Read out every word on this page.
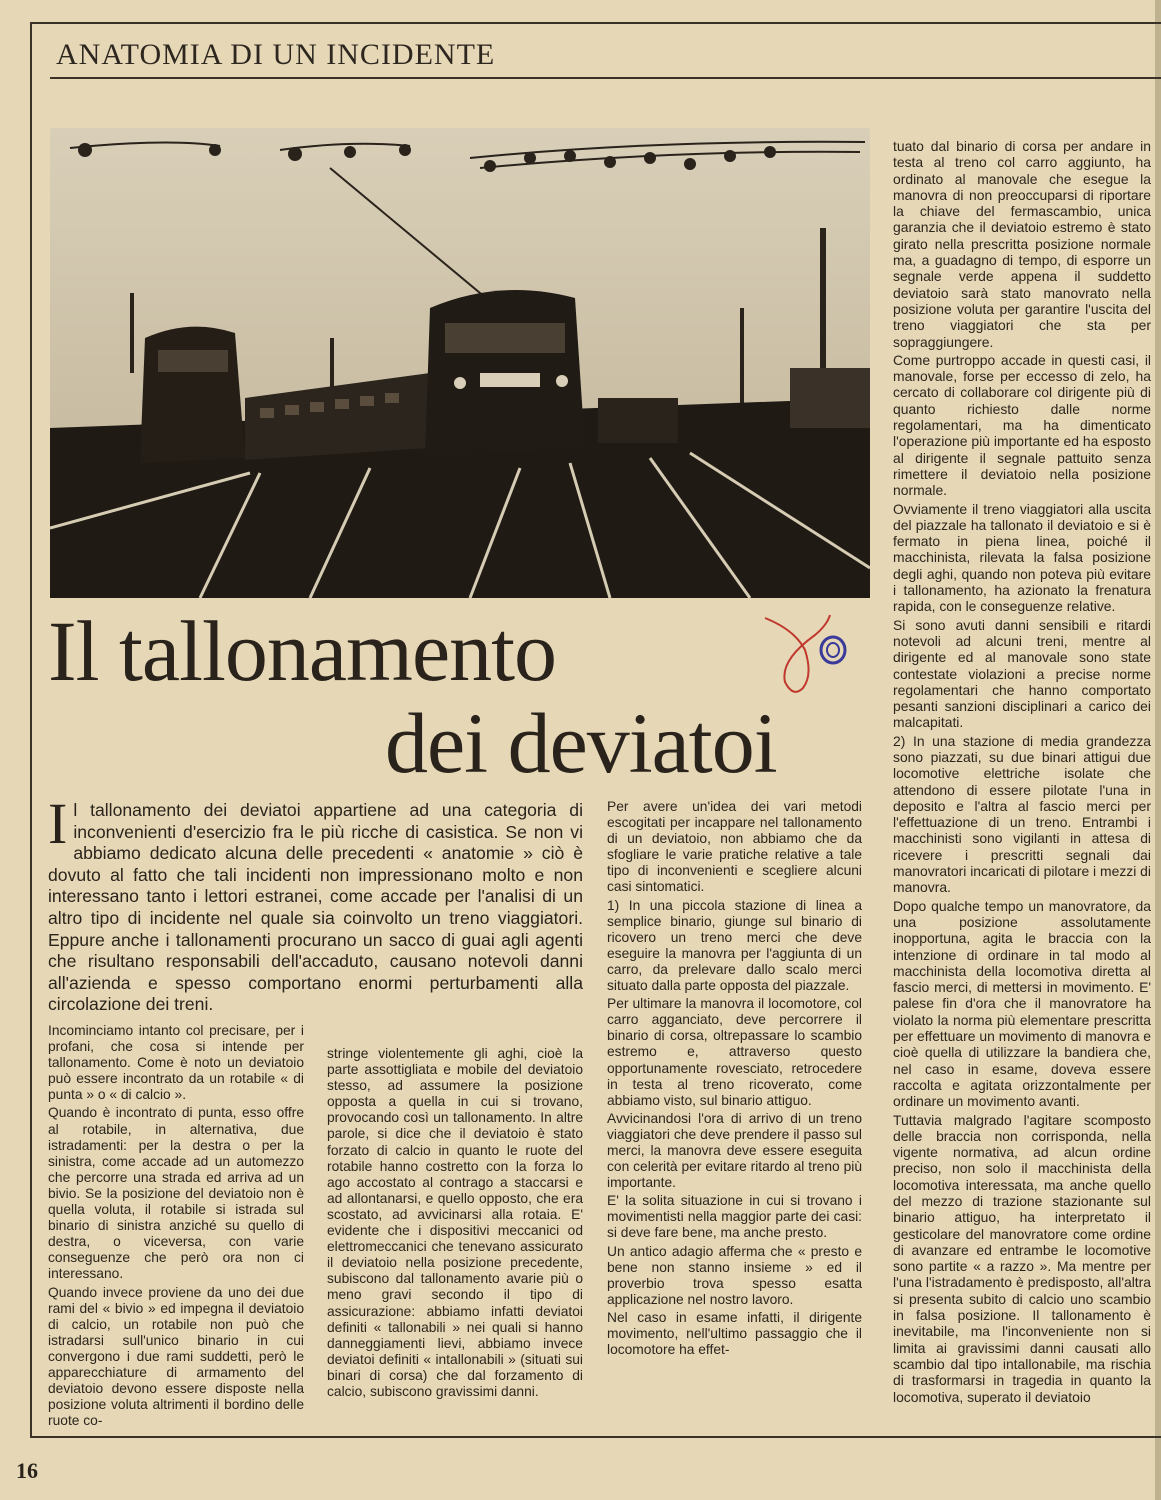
ANATOMIA DI UN INCIDENTE
Il tallonamento
dei deviatoi
Il tallonamento dei deviatoi appartiene ad una categoria di inconvenienti d'esercizio fra le più ricche di casistica. Se non vi abbiamo dedicato alcuna delle precedenti « anatomie » ciò è dovuto al fatto che tali incidenti non impressionano molto e non interessano tanto i lettori estranei, come accade per l'analisi di un altro tipo di incidente nel quale sia coinvolto un treno viaggiatori. Eppure anche i tallonamenti procurano un sacco di guai agli agenti che risultano responsabili dell'accaduto, causano notevoli danni all'azienda e spesso comportano enormi perturbamenti alla circolazione dei treni.

Incominciamo intanto col precisare, per i profani, che cosa si intende per tallonamento. Come è noto un deviatoio può essere incontrato da un rotabile « di punta » o « di calcio ».

Quando è incontrato di punta, esso offre al rotabile, in alternativa, due istradamenti: per la destra o per la sinistra, come accade ad un automezzo che percorre una strada ed arriva ad un bivio. Se la posizione del deviatoio non è quella voluta, il rotabile si istrada sul binario di sinistra anziché su quello di destra, o viceversa, con varie conseguenze che però ora non ci interessano.

Quando invece proviene da uno dei due rami del « bivio » ed impegna il deviatoio di calcio, un rotabile non può che istradarsi sull'unico binario in cui convergono i due rami suddetti, però le apparecchiature di armamento del deviatoio devono essere disposte nella posizione voluta altrimenti il bordino delle ruote co-

stringe violentemente gli aghi, cioè la parte assottigliata e mobile del deviatoio stesso, ad assumere la posizione opposta a quella in cui si trovano, provocando così un tallonamento. In altre parole, si dice che il deviatoio è stato forzato di calcio in quanto le ruote del rotabile hanno costretto con la forza lo ago accostato al contrago a staccarsi e ad allontanarsi, e quello opposto, che era scostato, ad avvicinarsi alla rotaia. E' evidente che i dispositivi meccanici od elettromeccanici che tenevano assicurato il deviatoio nella posizione precedente, subiscono dal tallonamento avarie più o meno gravi secondo il tipo di assicurazione: abbiamo infatti deviatoi definiti « tallonabili » nei quali si hanno danneggiamenti lievi, abbiamo invece deviatoi definiti « intallonabili » (situati sui binari di corsa) che dal forzamento di calcio, subiscono gravissimi danni.

Per avere un'idea dei vari metodi escogitati per incappare nel tallonamento di un deviatoio, non abbiamo che da sfogliare le varie pratiche relative a tale tipo di inconvenienti e scegliere alcuni casi sintomatici.

1) In una piccola stazione di linea a semplice binario, giunge sul binario di ricovero un treno merci che deve eseguire la manovra per l'aggiunta di un carro, da prelevare dallo scalo merci situato dalla parte opposta del piazzale.

Per ultimare la manovra il locomotore, col carro agganciato, deve percorrere il binario di corsa, oltrepassare lo scambio estremo e, attraverso questo opportunamente rovesciato, retrocedere in testa al treno ricoverato, come abbiamo visto, sul binario attiguo.

Avvicinandosi l'ora di arrivo di un treno viaggiatori che deve prendere il passo sul merci, la manovra deve essere eseguita con celerità per evitare ritardo al treno più importante.

E' la solita situazione in cui si trovano i movimentisti nella maggior parte dei casi: si deve fare bene, ma anche presto.

Un antico adagio afferma che « presto e bene non stanno insieme » ed il proverbio trova spesso esatta applicazione nel nostro lavoro.

Nel caso in esame infatti, il dirigente movimento, nell'ultimo passaggio che il locomotore ha effet-

tuato dal binario di corsa per andare in testa al treno col carro aggiunto, ha ordinato al manovale che esegue la manovra di non preoccuparsi di riportare la chiave del fermascambio, unica garanzia che il deviatoio estremo è stato girato nella prescritta posizione normale ma, a guadagno di tempo, di esporre un segnale verde appena il suddetto deviatoio sarà stato manovrato nella posizione voluta per garantire l'uscita del treno viaggiatori che sta per sopraggiungere.

Come purtroppo accade in questi casi, il manovale, forse per eccesso di zelo, ha cercato di collaborare col dirigente più di quanto richiesto dalle norme regolamentari, ma ha dimenticato l'operazione più importante ed ha esposto al dirigente il segnale pattuito senza rimettere il deviatoio nella posizione normale.

Ovviamente il treno viaggiatori alla uscita del piazzale ha tallonato il deviatoio e si è fermato in piena linea, poiché il macchinista, rilevata la falsa posizione degli aghi, quando non poteva più evitare i tallonamento, ha azionato la frenatura rapida, con le conseguenze relative.

Si sono avuti danni sensibili e ritardi notevoli ad alcuni treni, mentre al dirigente ed al manovale sono state contestate violazioni a precise norme regolamentari che hanno comportato pesanti sanzioni disciplinari a carico dei malcapitati.

2) In una stazione di media grandezza sono piazzati, su due binari attigui due locomotive elettriche isolate che attendono di essere pilotate l'una in deposito e l'altra al fascio merci per l'effettuazione di un treno. Entrambi i macchinisti sono vigilanti in attesa di ricevere i prescritti segnali dai manovratori incaricati di pilotare i mezzi di manovra.

Dopo qualche tempo un manovratore, da una posizione assolutamente inopportuna, agita le braccia con la intenzione di ordinare in tal modo al macchinista della locomotiva diretta al fascio merci, di mettersi in movimento. E' palese fin d'ora che il manovratore ha violato la norma più elementare prescritta per effettuare un movimento di manovra e cioè quella di utilizzare la bandiera che, nel caso in esame, doveva essere raccolta e agitata orizzontalmente per ordinare un movimento avanti.

Tuttavia malgrado l'agitare scomposto delle braccia non corrisponda, nella vigente normativa, ad alcun ordine preciso, non solo il macchinista della locomotiva interessata, ma anche quello del mezzo di trazione stazionante sul binario attiguo, ha interpretato il gesticolare del manovratore come ordine di avanzare ed entrambe le locomotive sono partite « a razzo ». Ma mentre per l'una l'istradamento è predisposto, all'altra si presenta subito di calcio uno scambio in falsa posizione. Il tallonamento è inevitabile, ma l'inconveniente non si limita ai gravissimi danni causati allo scambio dal tipo intallonabile, ma rischia di trasformarsi in tragedia in quanto la locomotiva, superato il deviatoio

16
